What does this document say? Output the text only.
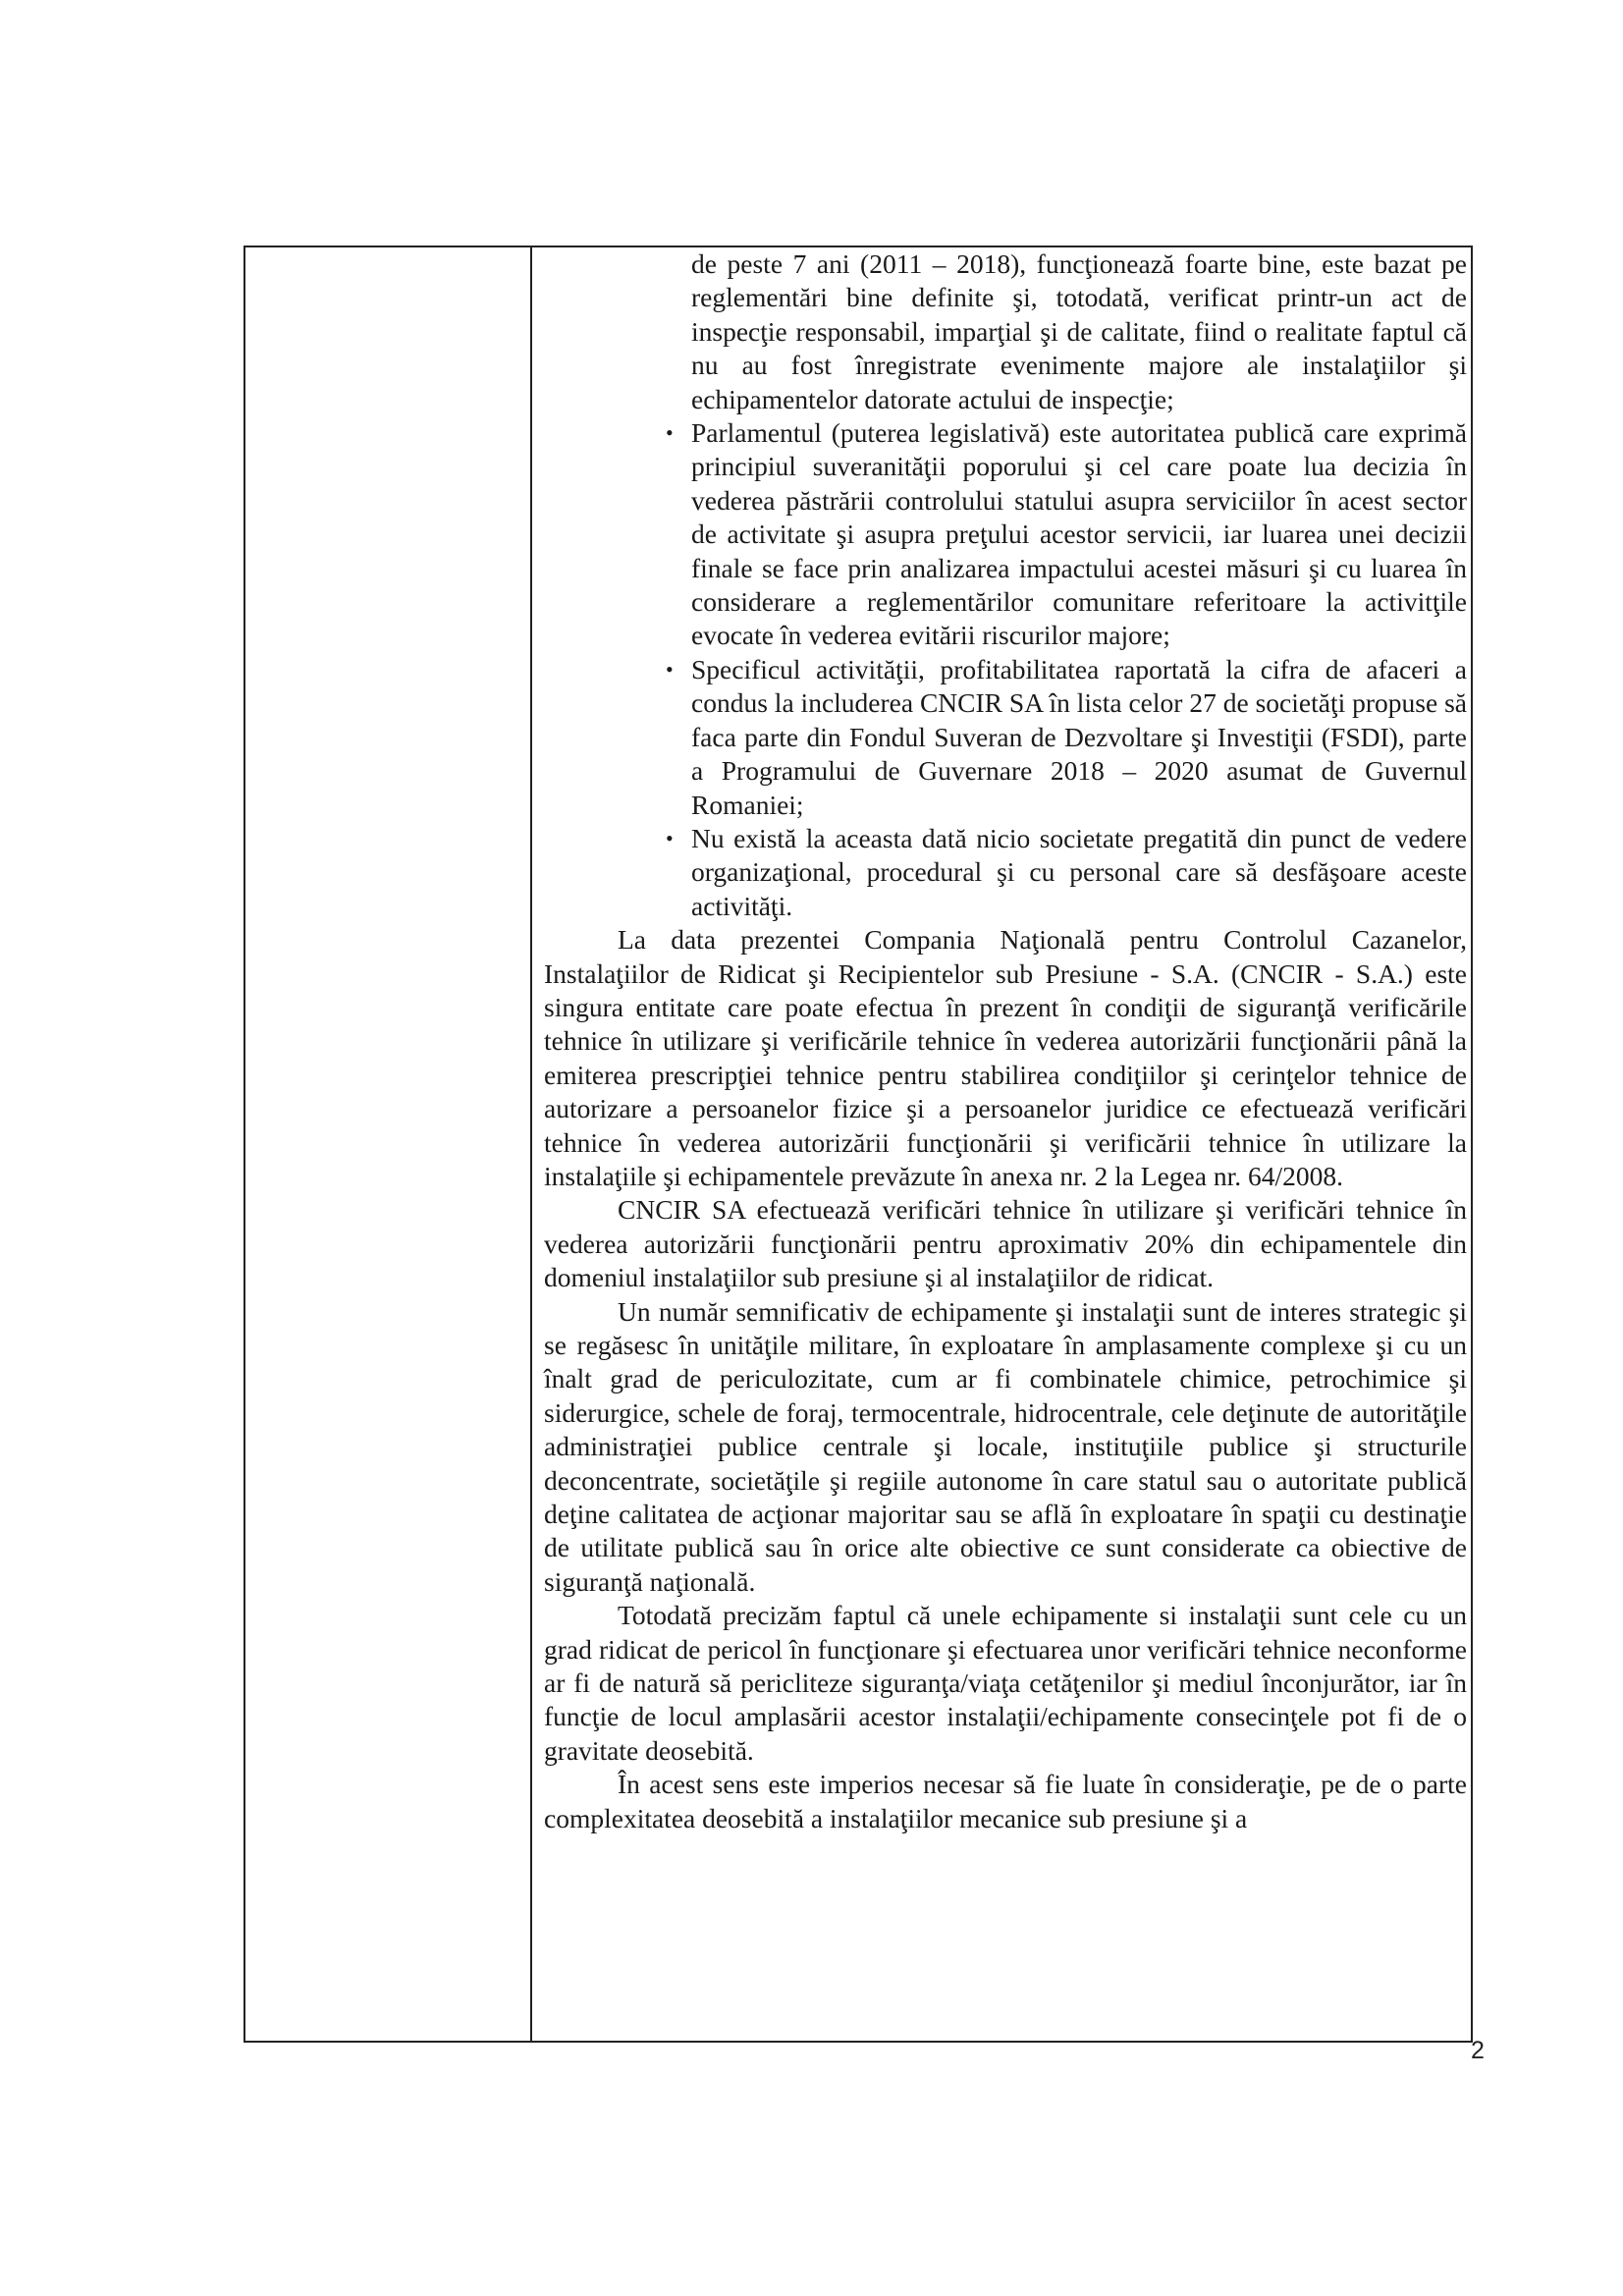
de peste 7 ani (2011 – 2018), funcţionează foarte bine, este bazat pe reglementări bine definite şi, totodată, verificat printr-un act de inspecţie responsabil, imparţial şi de calitate, fiind o realitate faptul că nu au fost înregistrate evenimente majore ale instalaţiilor şi echipamentelor datorate actului de inspecţie;

• Parlamentul (puterea legislativă) este autoritatea publică care exprimă principiul suveranităţii poporului şi cel care poate lua decizia în vederea păstrării controlului statului asupra serviciilor în acest sector de activitate şi asupra preţului acestor servicii, iar luarea unei decizii finale se face prin analizarea impactului acestei măsuri şi cu luarea în considerare a reglementărilor comunitare referitoare la activitţile evocate în vederea evitării riscurilor majore;
• Specificul activităţii, profitabilitatea raportată la cifra de afaceri a condus la includerea CNCIR SA în lista celor 27 de societăţi propuse să faca parte din Fondul Suveran de Dezvoltare şi Investiţii (FSDI), parte a Programului de Guvernare 2018 – 2020 asumat de Guvernul Romaniei;
• Nu există la aceasta dată nicio societate pregatită din punct de vedere organizaţional, procedural şi cu personal care să desfăşoare aceste activităţi.

La data prezentei Compania Naţională pentru Controlul Cazanelor, Instalaţiilor de Ridicat şi Recipientelor sub Presiune - S.A. (CNCIR - S.A.) este singura entitate care poate efectua în prezent în condiţii de siguranţă verificările tehnice în utilizare şi verificările tehnice în vederea autorizării funcţionării până la emiterea prescripţiei tehnice pentru stabilirea condiţiilor şi cerinţelor tehnice de autorizare a persoanelor fizice şi a persoanelor juridice ce efectuează verificări tehnice în vederea autorizării funcţionării şi verificării tehnice în utilizare la instalaţiile şi echipamentele prevăzute în anexa nr. 2 la Legea nr. 64/2008.

CNCIR SA efectuează verificări tehnice în utilizare şi verificări tehnice în vederea autorizării funcţionării pentru aproximativ 20% din echipamentele din domeniul instalaţiilor sub presiune şi al instalaţiilor de ridicat.

Un număr semnificativ de echipamente şi instalaţii sunt de interes strategic şi se regăsesc în unităţile militare, în exploatare în amplasamente complexe şi cu un înalt grad de periculozitate, cum ar fi combinatele chimice, petrochimice şi siderurgice, schele de foraj, termocentrale, hidrocentrale, cele deţinute de autorităţile administraţiei publice centrale şi locale, instituţiile publice şi structurile deconcentrate, societăţile şi regiile autonome în care statul sau o autoritate publică deţine calitatea de acţionar majoritar sau se află în exploatare în spaţii cu destinaţie de utilitate publică sau în orice alte obiective ce sunt considerate ca obiective de siguranţă naţională.

Totodată precizăm faptul că unele echipamente si instalaţii sunt cele cu un grad ridicat de pericol în funcţionare şi efectuarea unor verificări tehnice neconforme ar fi de natură să pericliteze siguranţa/viaţa cetăţenilor şi mediul înconjurător, iar în funcţie de locul amplasării acestor instalaţii/echipamente consecinţele pot fi de o gravitate deosebită.

În acest sens este imperios necesar să fie luate în consideraţie, pe de o parte complexitatea deosebită a instalaţiilor mecanice sub presiune şi a

2
